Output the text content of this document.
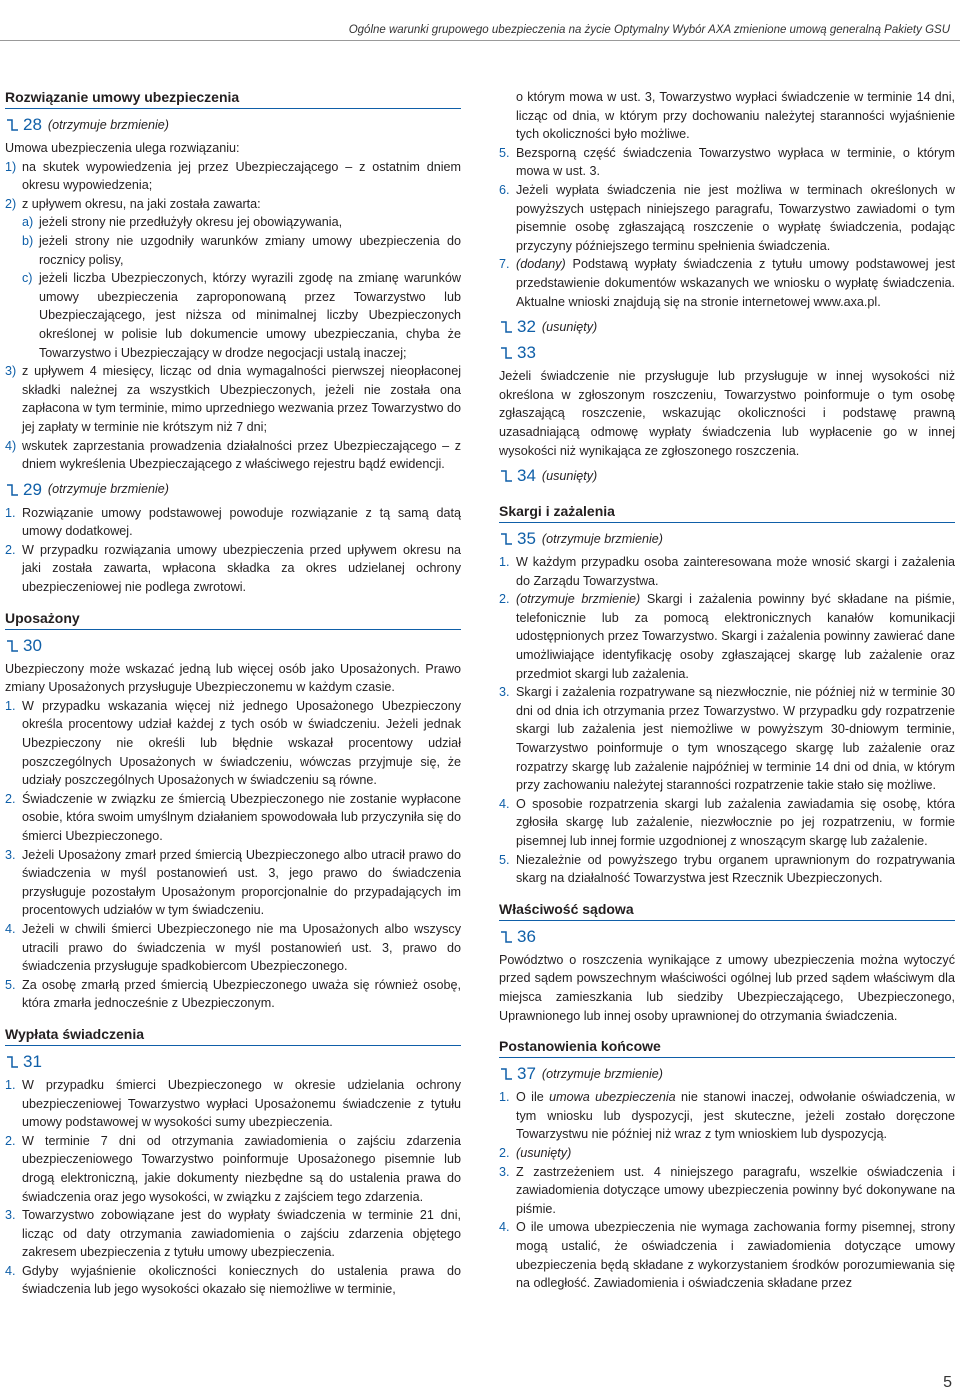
Ogólne warunki grupowego ubezpieczenia na życie Optymalny Wybór AXA zmienione umową generalną Pakiety GSU
Rozwiązanie umowy ubezpieczenia
28 (otrzymuje brzmienie)

Umowa ubezpieczenia ulega rozwiązaniu:

1) na skutek wypowiedzenia jej przez Ubezpieczającego – z ostatnim dniem okresu wypowiedzenia;
2) z upływem okresu, na jaki została zawarta:
a) jeżeli strony nie przedłużyły okresu jej obowiązywania,
b) jeżeli strony nie uzgodniły warunków zmiany umowy ubezpieczenia do rocznicy polisy,
c) jeżeli liczba Ubezpieczonych, którzy wyrazili zgodę na zmianę warunków umowy ubezpieczenia zaproponowaną przez Towarzystwo lub Ubezpieczającego, jest niższa od minimalnej liczby Ubezpieczonych określonej w polisie lub dokumencie umowy ubezpieczania, chyba że Towarzystwo i Ubezpieczający w drodze negocjacji ustalą inaczej;
3) z upływem 4 miesięcy, licząc od dnia wymagalności pierwszej nieopłaconej składki należnej za wszystkich Ubezpieczonych, jeżeli nie została ona zapłacona w tym terminie, mimo uprzedniego wezwania przez Towarzystwo do jej zapłaty w terminie nie krótszym niż 7 dni;
4) wskutek zaprzestania prowadzenia działalności przez Ubezpieczającego – z dniem wykreślenia Ubezpieczającego z właściwego rejestru bądź ewidencji.
29 (otrzymuje brzmienie)
1. Rozwiązanie umowy podstawowej powoduje rozwiązanie z tą samą datą umowy dodatkowej.
2. W przypadku rozwiązania umowy ubezpieczenia przed upływem okresu na jaki została zawarta, wpłacona składka za okres udzielanej ochrony ubezpieczeniowej nie podlega zwrotowi.
Uposażony
30

Ubezpieczony może wskazać jedną lub więcej osób jako Uposażonych. Prawo zmiany Uposażonych przysługuje Ubezpieczonemu w każdym czasie.

1. W przypadku wskazania więcej niż jednego Uposażonego Ubezpieczony określa procentowy udział każdej z tych osób w świadczeniu. Jeżeli jednak Ubezpieczony nie określi lub błędnie wskazał procentowy udział poszczególnych Uposażonych w świadczeniu, wówczas przyjmuje się, że udziały poszczególnych Uposażonych w świadczeniu są równe.
2. Świadczenie w związku ze śmiercią Ubezpieczonego nie zostanie wypłacone osobie, która swoim umyślnym działaniem spowodowała lub przyczyniła się do śmierci Ubezpieczonego.
3. Jeżeli Uposażony zmarł przed śmiercią Ubezpieczonego albo utracił prawo do świadczenia w myśl postanowień ust. 3, jego prawo do świadczenia przysługuje pozostałym Uposażonym proporcjonalnie do przypadających im procentowych udziałów w tym świadczeniu.
4. Jeżeli w chwili śmierci Ubezpieczonego nie ma Uposażonych albo wszyscy utracili prawo do świadczenia w myśl postanowień ust. 3, prawo do świadczenia przysługuje spadkobiercom Ubezpieczonego.
5. Za osobę zmarłą przed śmiercią Ubezpieczonego uważa się również osobę, która zmarła jednocześnie z Ubezpieczonym.
Wypłata świadczenia
31
1. W przypadku śmierci Ubezpieczonego w okresie udzielania ochrony ubezpieczeniowej Towarzystwo wypłaci Uposażonemu świadczenie z tytułu umowy podstawowej w wysokości sumy ubezpieczenia.
2. W terminie 7 dni od otrzymania zawiadomienia o zajściu zdarzenia ubezpieczeniowego Towarzystwo poinformuje Uposażonego pisemnie lub drogą elektroniczną, jakie dokumenty niezbędne są do ustalenia prawa do świadczenia oraz jego wysokości, w związku z zajściem tego zdarzenia.
3. Towarzystwo zobowiązane jest do wypłaty świadczenia w terminie 21 dni, licząc od daty otrzymania zawiadomienia o zajściu zdarzenia objętego zakresem ubezpieczenia z tytułu umowy ubezpieczenia.
4. Gdyby wyjaśnienie okoliczności koniecznych do ustalenia prawa do świadczenia lub jego wysokości okazało się niemożliwe w terminie,

o którym mowa w ust. 3, Towarzystwo wypłaci świadczenie w terminie 14 dni, licząc od dnia, w którym przy dochowaniu należytej staranności wyjaśnienie tych okoliczności było możliwe.

5. Bezsporną część świadczenia Towarzystwo wypłaca w terminie, o którym mowa w ust. 3.
6. Jeżeli wypłata świadczenia nie jest możliwa w terminach określonych w powyższych ustępach niniejszego paragrafu, Towarzystwo zawiadomi o tym pisemnie osobę zgłaszającą roszczenie o wypłatę świadczenia, podając przyczyny późniejszego terminu spełnienia świadczenia.
7. (dodany) Podstawą wypłaty świadczenia z tytułu umowy podstawowej jest przedstawienie dokumentów wskazanych we wniosku o wypłatę świadczenia. Aktualne wnioski znajdują się na stronie internetowej www.axa.pl.
32 (usunięty)
33

Jeżeli świadczenie nie przysługuje lub przysługuje w innej wysokości niż określona w zgłoszonym roszczeniu, Towarzystwo poinformuje o tym osobę zgłaszającą roszczenie, wskazując okoliczności i podstawę prawną uzasadniającą odmowę wypłaty świadczenia lub wypłacenie go w innej wysokości niż wynikająca ze zgłoszonego roszczenia.

34 (usunięty)
Skargi i zażalenia
35 (otrzymuje brzmienie)
1. W każdym przypadku osoba zainteresowana może wnosić skargi i zażalenia do Zarządu Towarzystwa.
2. (otrzymuje brzmienie) Skargi i zażalenia powinny być składane na piśmie, telefonicznie lub za pomocą elektronicznych kanałów komunikacji udostępnionych przez Towarzystwo. Skargi i zażalenia powinny zawierać dane umożliwiające identyfikację osoby zgłaszającej skargę lub zażalenie oraz przedmiot skargi lub zażalenia.
3. Skargi i zażalenia rozpatrywane są niezwłocznie, nie później niż w terminie 30 dni od dnia ich otrzymania przez Towarzystwo. W przypadku gdy rozpatrzenie skargi lub zażalenia jest niemożliwe w powyższym 30-dniowym terminie, Towarzystwo poinformuje o tym wnoszącego skargę lub zażalenie oraz rozpatrzy skargę lub zażalenie najpóźniej w terminie 14 dni od dnia, w którym przy zachowaniu należytej staranności rozpatrzenie takie stało się możliwe.
4. O sposobie rozpatrzenia skargi lub zażalenia zawiadamia się osobę, która zgłosiła skargę lub zażalenie, niezwłocznie po jej rozpatrzeniu, w formie pisemnej lub innej formie uzgodnionej z wnoszącym skargę lub zażalenie.
5. Niezależnie od powyższego trybu organem uprawnionym do rozpatrywania skarg na działalność Towarzystwa jest Rzecznik Ubezpieczonych.
Właściwość sądowa
36

Powództwo o roszczenia wynikające z umowy ubezpieczenia można wytoczyć przed sądem powszechnym właściwości ogólnej lub przed sądem właściwym dla miejsca zamieszkania lub siedziby Ubezpieczającego, Ubezpieczonego, Uprawnionego lub innej osoby uprawnionej do otrzymania świadczenia.

Postanowienia końcowe
37 (otrzymuje brzmienie)
1. O ile umowa ubezpieczenia nie stanowi inaczej, odwołanie oświadczenia, w tym wniosku lub dyspozycji, jest skuteczne, jeżeli zostało doręczone Towarzystwu nie później niż wraz z tym wnioskiem lub dyspozycją.
2. (usunięty)
3. Z zastrzeżeniem ust. 4 niniejszego paragrafu, wszelkie oświadczenia i zawiadomienia dotyczące umowy ubezpieczenia powinny być dokonywane na piśmie.
4. O ile umowa ubezpieczenia nie wymaga zachowania formy pisemnej, strony mogą ustalić, że oświadczenia i zawiadomienia dotyczące umowy ubezpieczenia będą składane z wykorzystaniem środków porozumiewania się na odległość. Zawiadomienia i oświadczenia składane przez
5
